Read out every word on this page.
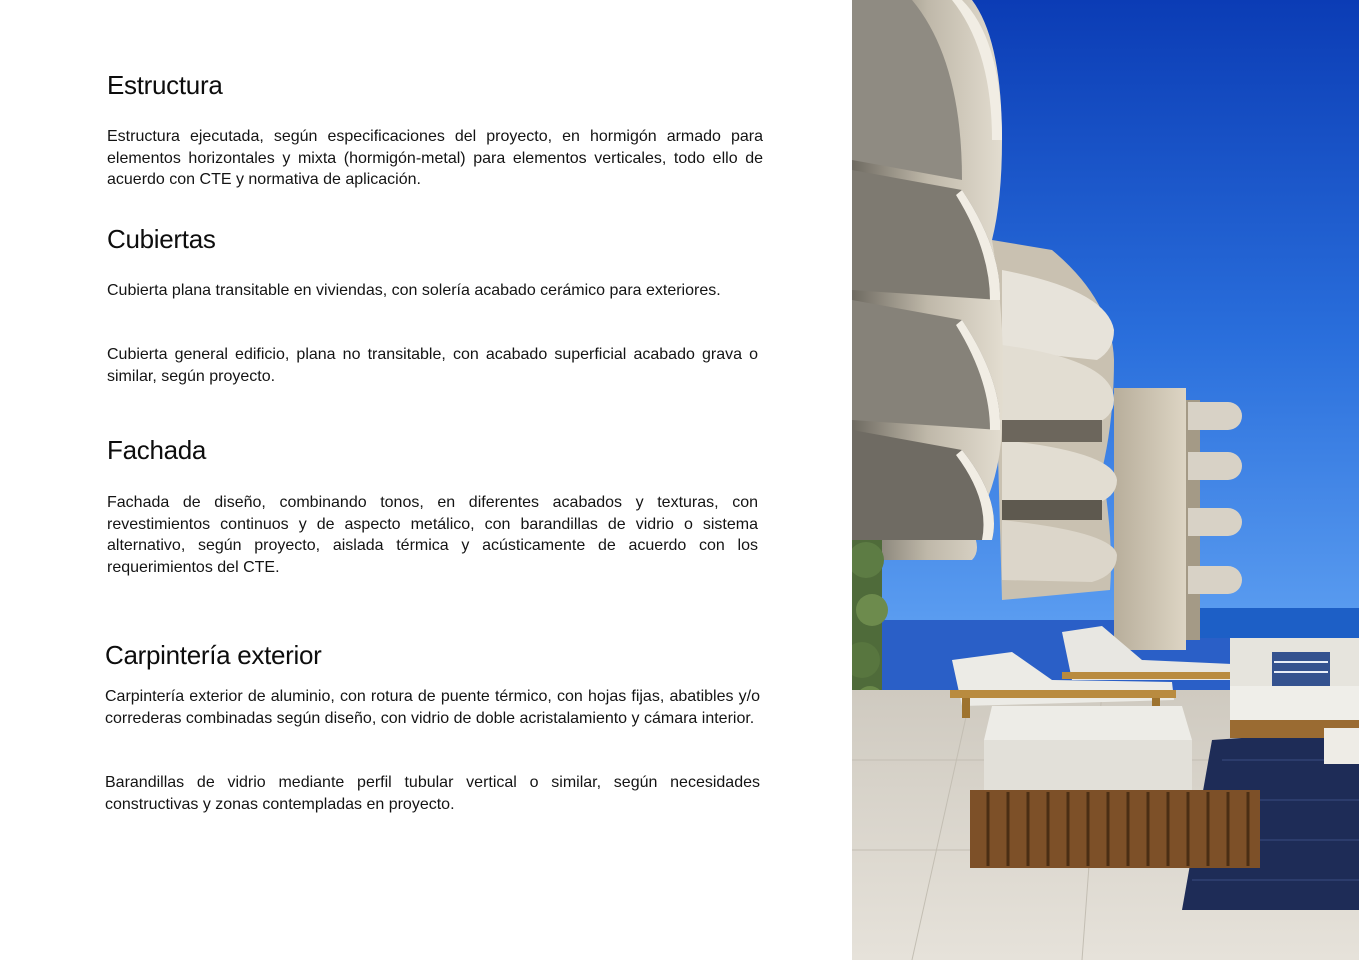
Estructura

Estructura ejecutada, según especificaciones del proyecto, en hormigón armado para elementos horizontales y mixta (hormigón-metal) para elementos verticales, todo ello de acuerdo con CTE y normativa de aplicación.

Cubiertas

Cubierta plana transitable en viviendas, con solería acabado cerámico para exteriores.

Cubierta general edificio, plana no transitable, con acabado superficial acabado grava o similar, según proyecto.

Fachada

Fachada de diseño, combinando tonos, en diferentes acabados y texturas, con revestimientos continuos y de aspecto metálico, con barandillas de vidrio o sistema alternativo, según proyecto, aislada térmica y acústicamente de acuerdo con los requerimientos del CTE.

Carpintería exterior

Carpintería exterior de aluminio, con rotura de puente térmico, con hojas fijas, abatibles y/o correderas combinadas según diseño, con vidrio de doble acristalamiento y cámara interior.

Barandillas de vidrio mediante perfil tubular vertical o similar, según necesidades constructivas y zonas contempladas en proyecto.
